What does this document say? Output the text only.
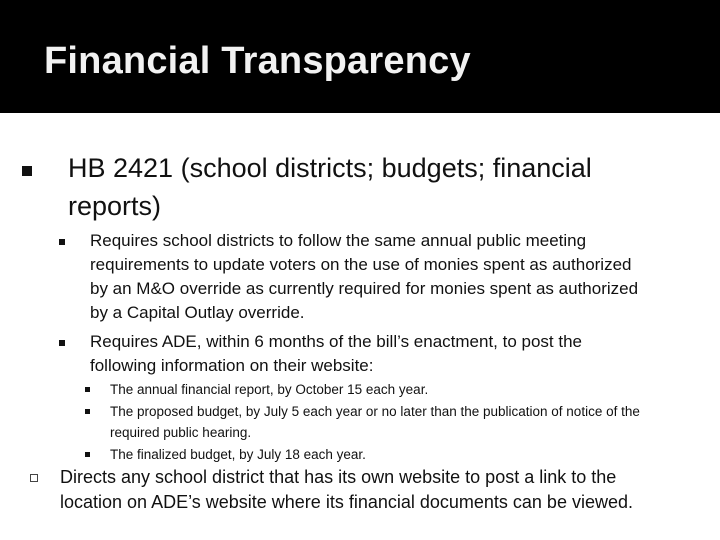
Financial Transparency
HB 2421 (school districts; budgets; financial
reports)
Requires school districts to follow the same annual public meeting
requirements to update voters on the use of monies spent as authorized
by an M&O override as currently required for monies spent as authorized
by a Capital Outlay override.
Requires ADE, within 6 months of the bill’s enactment, to post the
following information on their website:
The annual financial report, by October 15 each year.
The proposed budget, by July 5 each year or no later than the publication of notice of the
required public hearing.
The finalized budget, by July 18 each year.
Directs any school district that has its own website to post a link to the
location on ADE’s website where its financial documents can be viewed.
